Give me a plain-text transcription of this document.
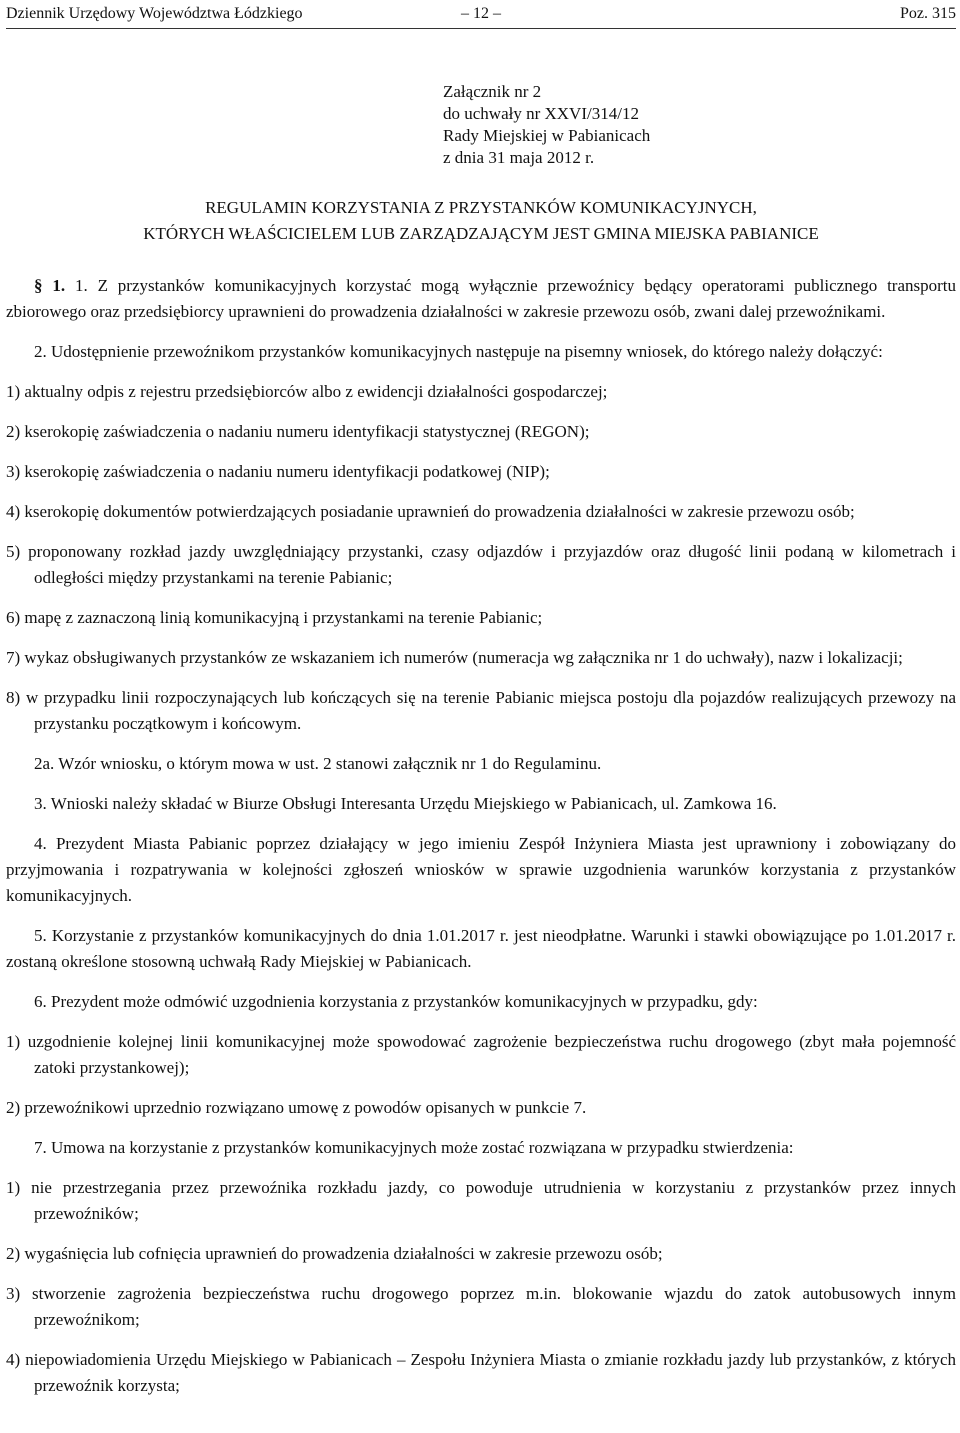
Dziennik Urzędowy Województwa Łódzkiego	– 12 –	Poz. 315
Załącznik nr 2
do uchwały nr XXVI/314/12
Rady Miejskiej w Pabianicach
z dnia 31 maja 2012 r.
REGULAMIN KORZYSTANIA Z PRZYSTANKÓW KOMUNIKACYJNYCH,
KTÓRYCH WŁAŚCICIELEM LUB ZARZĄDZAJĄCYM JEST GMINA MIEJSKA PABIANICE

§ 1. 1. Z przystanków komunikacyjnych korzystać mogą wyłącznie przewoźnicy będący operatorami publicznego transportu zbiorowego oraz przedsiębiorcy uprawnieni do prowadzenia działalności w zakresie przewozu osób, zwani dalej przewoźnikami.

2. Udostępnienie przewoźnikom przystanków komunikacyjnych następuje na pisemny wniosek, do którego należy dołączyć:

1) aktualny odpis z rejestru przedsiębiorców albo z ewidencji działalności gospodarczej;
2) kserokopię zaświadczenia o nadaniu numeru identyfikacji statystycznej (REGON);
3) kserokopię zaświadczenia o nadaniu numeru identyfikacji podatkowej (NIP);
4) kserokopię dokumentów potwierdzających posiadanie uprawnień do prowadzenia działalności w zakresie przewozu osób;
5) proponowany rozkład jazdy uwzględniający przystanki, czasy odjazdów i przyjazdów oraz długość linii podaną w kilometrach i odległości między przystankami na terenie Pabianic;
6) mapę z zaznaczoną linią komunikacyjną i przystankami na terenie Pabianic;
7) wykaz obsługiwanych przystanków ze wskazaniem ich numerów (numeracja wg załącznika nr 1 do uchwały), nazw i lokalizacji;
8) w przypadku linii rozpoczynających lub kończących się na terenie Pabianic miejsca postoju dla pojazdów realizujących przewozy na przystanku początkowym i końcowym.

2a. Wzór wniosku, o którym mowa w ust. 2 stanowi załącznik nr 1 do Regulaminu.

3. Wnioski należy składać w Biurze Obsługi Interesanta Urzędu Miejskiego w Pabianicach, ul. Zamkowa 16.

4. Prezydent Miasta Pabianic poprzez działający w jego imieniu Zespół Inżyniera Miasta jest uprawniony i zobowiązany do przyjmowania i rozpatrywania w kolejności zgłoszeń wniosków w sprawie uzgodnienia warunków korzystania z przystanków komunikacyjnych.

5. Korzystanie z przystanków komunikacyjnych do dnia 1.01.2017 r. jest nieodpłatne. Warunki i stawki obowiązujące po 1.01.2017 r. zostaną określone stosowną uchwałą Rady Miejskiej w Pabianicach.

6. Prezydent może odmówić uzgodnienia korzystania z przystanków komunikacyjnych w przypadku, gdy:

1) uzgodnienie kolejnej linii komunikacyjnej może spowodować zagrożenie bezpieczeństwa ruchu drogowego (zbyt mała pojemność zatoki przystankowej);
2) przewoźnikowi uprzednio rozwiązano umowę z powodów opisanych w punkcie 7.

7. Umowa na korzystanie z przystanków komunikacyjnych może zostać rozwiązana w przypadku stwierdzenia:

1) nie przestrzegania przez przewoźnika rozkładu jazdy, co powoduje utrudnienia w korzystaniu z przystanków przez innych przewoźników;
2) wygaśnięcia lub cofnięcia uprawnień do prowadzenia działalności w zakresie przewozu osób;
3) stworzenie zagrożenia bezpieczeństwa ruchu drogowego poprzez m.in. blokowanie wjazdu do zatok autobusowych innym przewoźnikom;
4) niepowiadomienia Urzędu Miejskiego w Pabianicach – Zespołu Inżyniera Miasta o zmianie rozkładu jazdy lub przystanków, z których przewoźnik korzysta;
